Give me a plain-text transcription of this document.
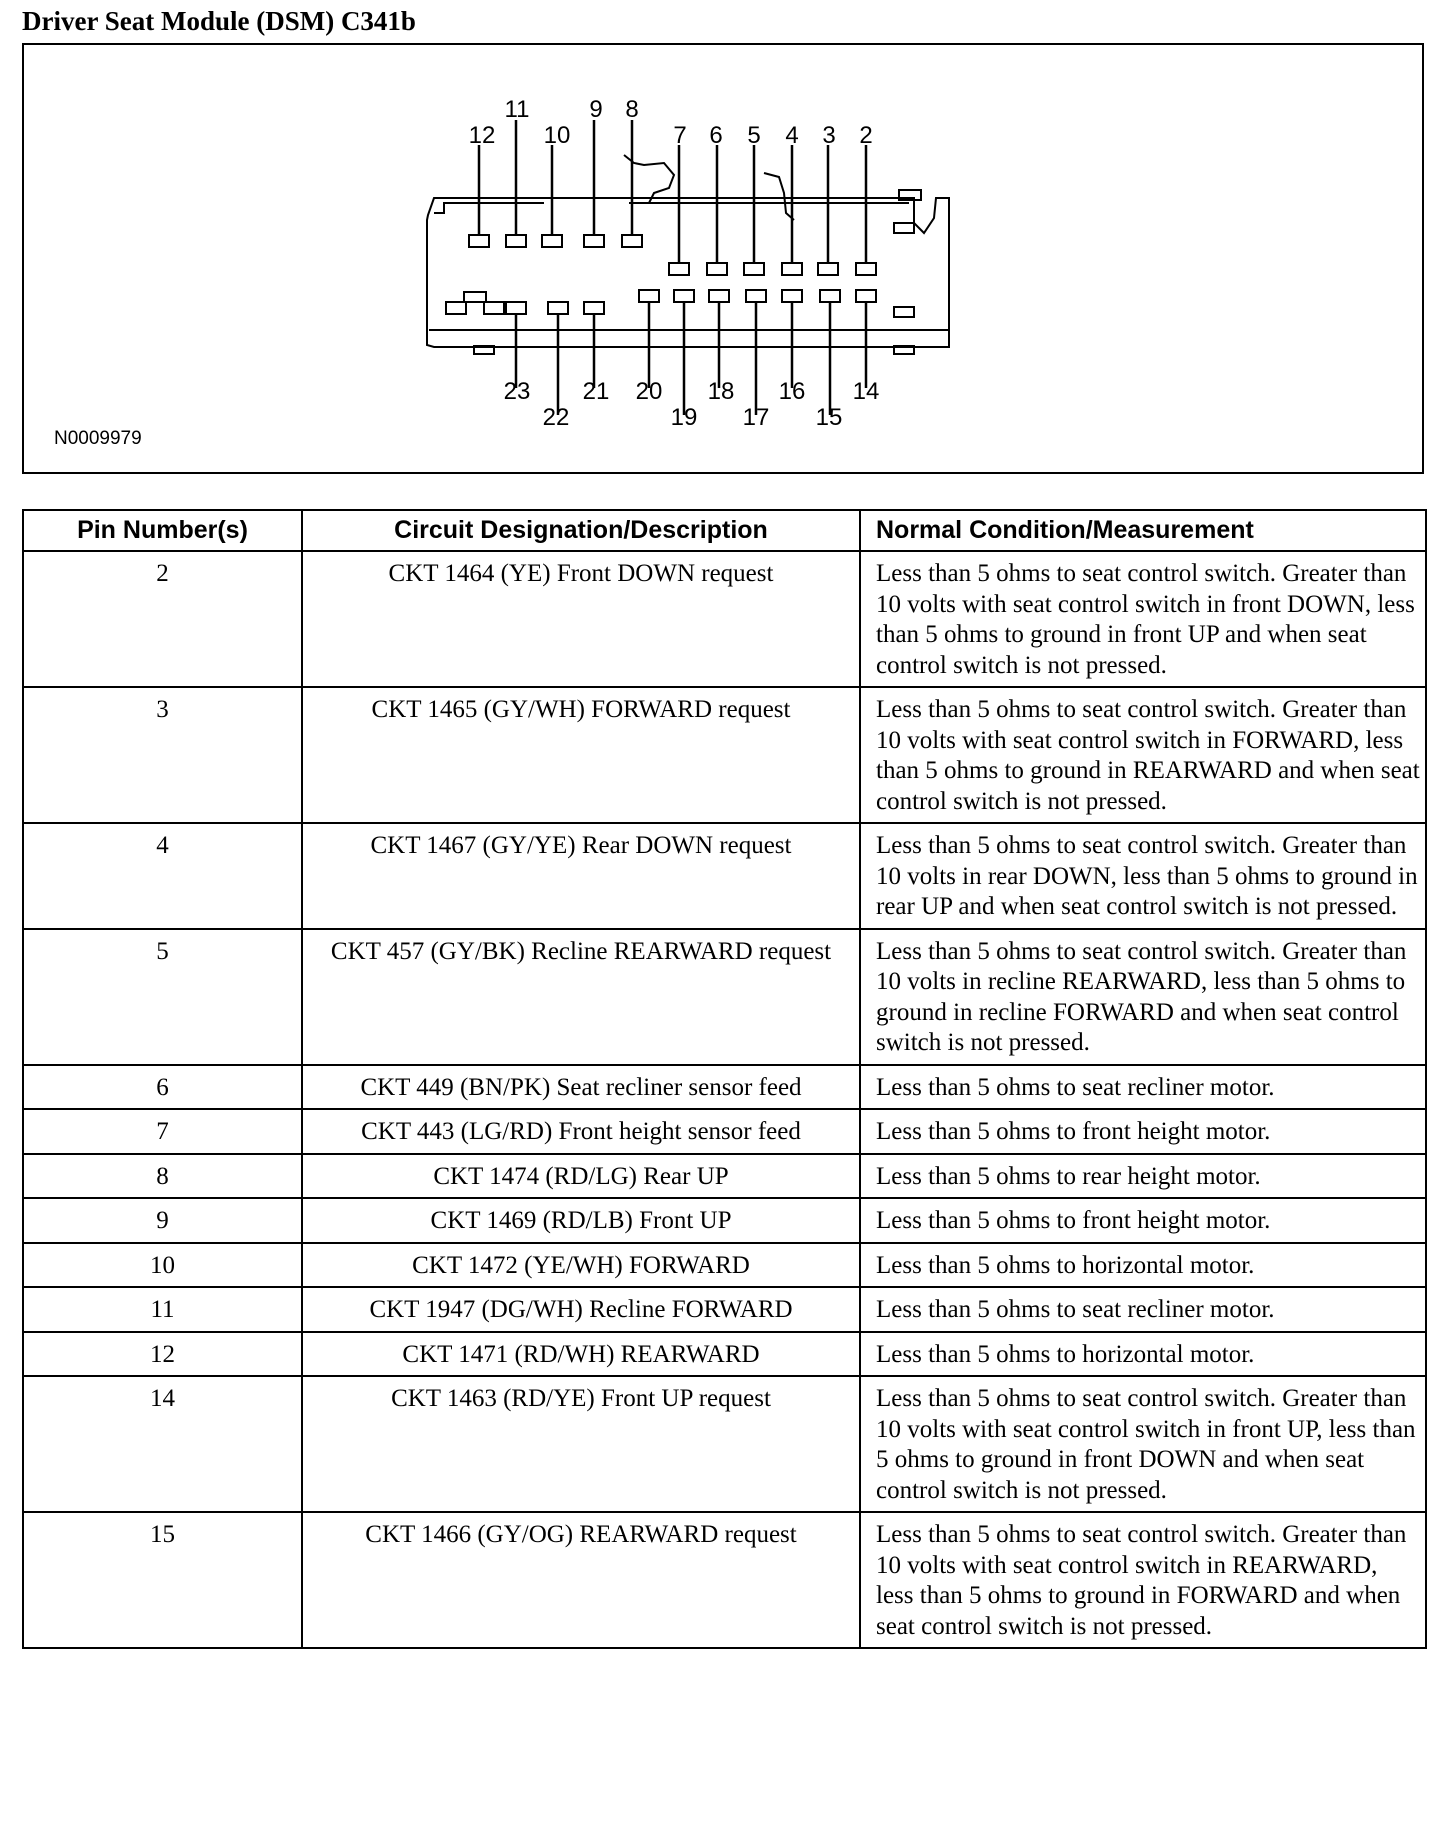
Driver Seat Module (DSM) C341b
12
11
10
9 8
7 6 5 4 3 2
23
22
21 20
19
18
17
16
15
14
N0009979
Pin Number(s)	Circuit Designation/Description	Normal Condition/Measurement
2	CKT 1464 (YE) Front DOWN request	Less than 5 ohms to seat control switch. Greater than 10 volts with seat control switch in front DOWN, less than 5 ohms to ground in front UP and when seat control switch is not pressed.
3	CKT 1465 (GY/WH) FORWARD request	Less than 5 ohms to seat control switch. Greater than 10 volts with seat control switch in FORWARD, less than 5 ohms to ground in REARWARD and when seat control switch is not pressed.
4	CKT 1467 (GY/YE) Rear DOWN request	Less than 5 ohms to seat control switch. Greater than 10 volts in rear DOWN, less than 5 ohms to ground in rear UP and when seat control switch is not pressed.
5	CKT 457 (GY/BK) Recline REARWARD request	Less than 5 ohms to seat control switch. Greater than 10 volts in recline REARWARD, less than 5 ohms to ground in recline FORWARD and when seat control switch is not pressed.
6	CKT 449 (BN/PK) Seat recliner sensor feed	Less than 5 ohms to seat recliner motor.
7	CKT 443 (LG/RD) Front height sensor feed	Less than 5 ohms to front height motor.
8	CKT 1474 (RD/LG) Rear UP	Less than 5 ohms to rear height motor.
9	CKT 1469 (RD/LB) Front UP	Less than 5 ohms to front height motor.
10	CKT 1472 (YE/WH) FORWARD	Less than 5 ohms to horizontal motor.
11	CKT 1947 (DG/WH) Recline FORWARD	Less than 5 ohms to seat recliner motor.
12	CKT 1471 (RD/WH) REARWARD	Less than 5 ohms to horizontal motor.
14	CKT 1463 (RD/YE) Front UP request	Less than 5 ohms to seat control switch. Greater than 10 volts with seat control switch in front UP, less than 5 ohms to ground in front DOWN and when seat control switch is not pressed.
15	CKT 1466 (GY/OG) REARWARD request	Less than 5 ohms to seat control switch. Greater than 10 volts with seat control switch in REARWARD, less than 5 ohms to ground in FORWARD and when seat control switch is not pressed.
